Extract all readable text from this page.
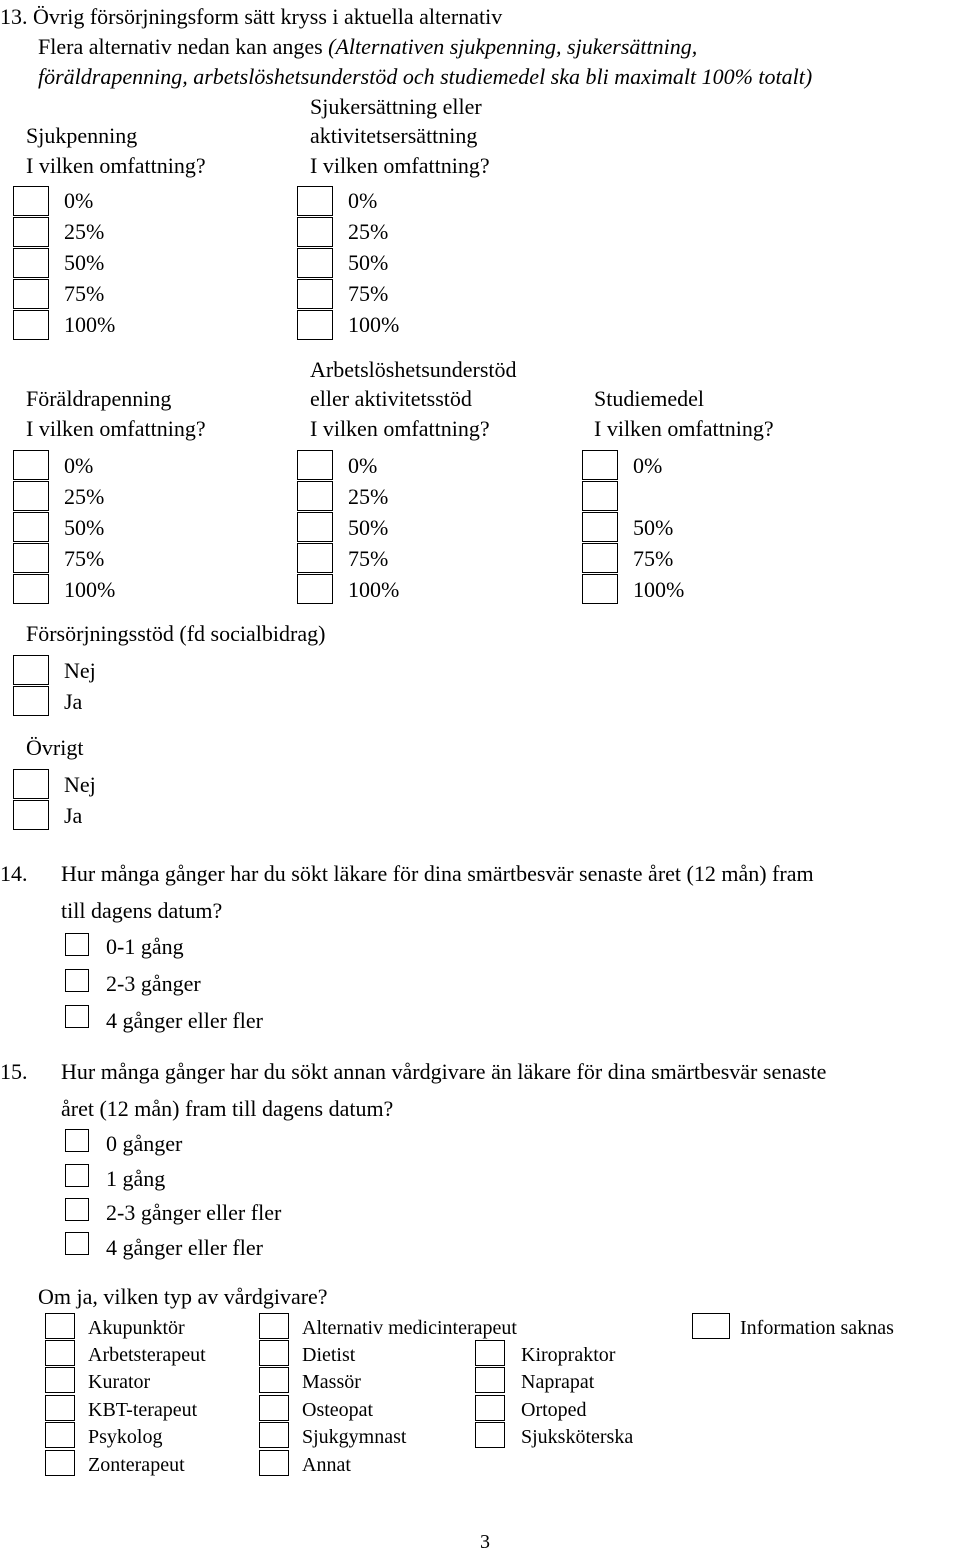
13. Övrig försörjningsform sätt kryss i aktuella alternativ
Flera alternativ nedan kan anges (Alternativen sjukpenning, sjukersättning,
föräldrapenning, arbetslöshetsunderstöd och studiemedel ska bli maximalt 100% totalt)
Sjukersättning eller
Sjukpenning	aktivitetsersättning
I vilken omfattning?	I vilken omfattning?
0%
25%
50%
75%
100%
0%
25%
50%
75%
100%
Arbetslöshetsunderstöd
Föräldrapenning	eller aktivitetsstöd	Studiemedel
I vilken omfattning?	I vilken omfattning?	I vilken omfattning?
0%
25%
50%
75%
100%
0%
25%
50%
75%
100%
0%
50%
75%
100%
Försörjningsstöd (fd socialbidrag)
Nej
Ja
Övrigt
Nej
Ja
14. Hur många gånger har du sökt läkare för dina smärtbesvär senaste året (12 mån) fram
till dagens datum?
0-1 gång
2-3 gånger
4 gånger eller fler
15. Hur många gånger har du sökt annan vårdgivare än läkare för dina smärtbesvär senaste
året (12 mån) fram till dagens datum?
0 gånger
1 gång
2-3 gånger eller fler
4 gånger eller fler
Om ja, vilken typ av vårdgivare?
Akupunktör
Arbetsterapeut
Kurator
KBT-terapeut
Psykolog
Zonterapeut
Alternativ medicinterapeut
Dietist
Massör
Osteopat
Sjukgymnast
Annat
Kiropraktor
Naprapat
Ortoped
Sjuksköterska
Information saknas
3
